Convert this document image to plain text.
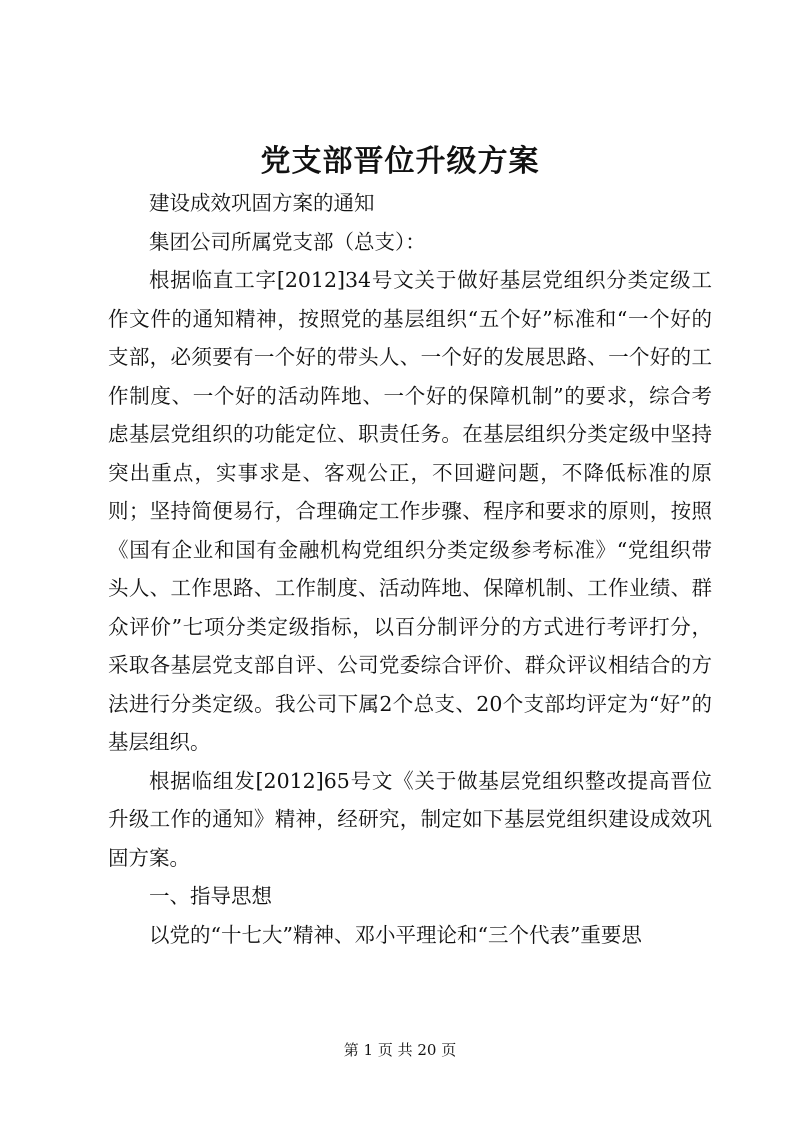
党支部晋位升级方案

建设成效巩固方案的通知

集团公司所属党支部（总支）：

根据临直工字[2012]34号文关于做好基层党组织分类定级工作文件的通知精神，按照党的基层组织“五个好”标准和“一个好的支部，必须要有一个好的带头人、一个好的发展思路、一个好的工作制度、一个好的活动阵地、一个好的保障机制”的要求，综合考虑基层党组织的功能定位、职责任务。在基层组织分类定级中坚持突出重点，实事求是、客观公正，不回避问题，不降低标准的原则；坚持简便易行，合理确定工作步骤、程序和要求的原则，按照《国有企业和国有金融机构党组织分类定级参考标准》“党组织带头人、工作思路、工作制度、活动阵地、保障机制、工作业绩、群众评价”七项分类定级指标，以百分制评分的方式进行考评打分，采取各基层党支部自评、公司党委综合评价、群众评议相结合的方法进行分类定级。我公司下属2个总支、20个支部均评定为“好”的基层组织。

根据临组发[2012]65号文《关于做基层党组织整改提高晋位升级工作的通知》精神，经研究，制定如下基层党组织建设成效巩固方案。

一、指导思想

以党的“十七大”精神、邓小平理论和“三个代表”重要思

第 1 页 共 20 页
